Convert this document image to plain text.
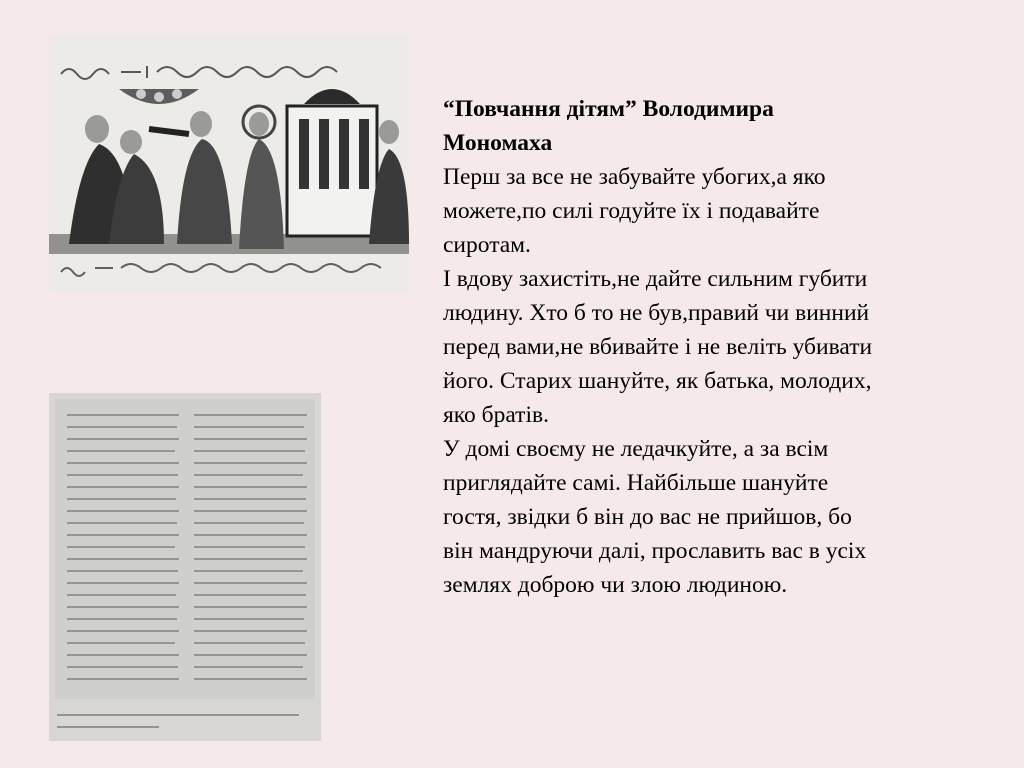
“Повчання дітям” Володимира
Мономаха

Перш за все не забувайте убогих,а яко
можете,по силі годуйте їх і подавайте
сиротам.

І вдову захистіть,не дайте сильним губити
людину. Хто б то не був,правий чи винний
перед вами,не вбивайте і не веліть убивати
його. Старих шануйте, як батька, молодих,
яко братів.

У домі своєму не ледачкуйте, а за всім
приглядайте самі. Найбільше шануйте
гостя, звідки б він до вас не прийшов, бо
він мандруючи далі, прославить вас в усіх
землях доброю чи злою людиною.
